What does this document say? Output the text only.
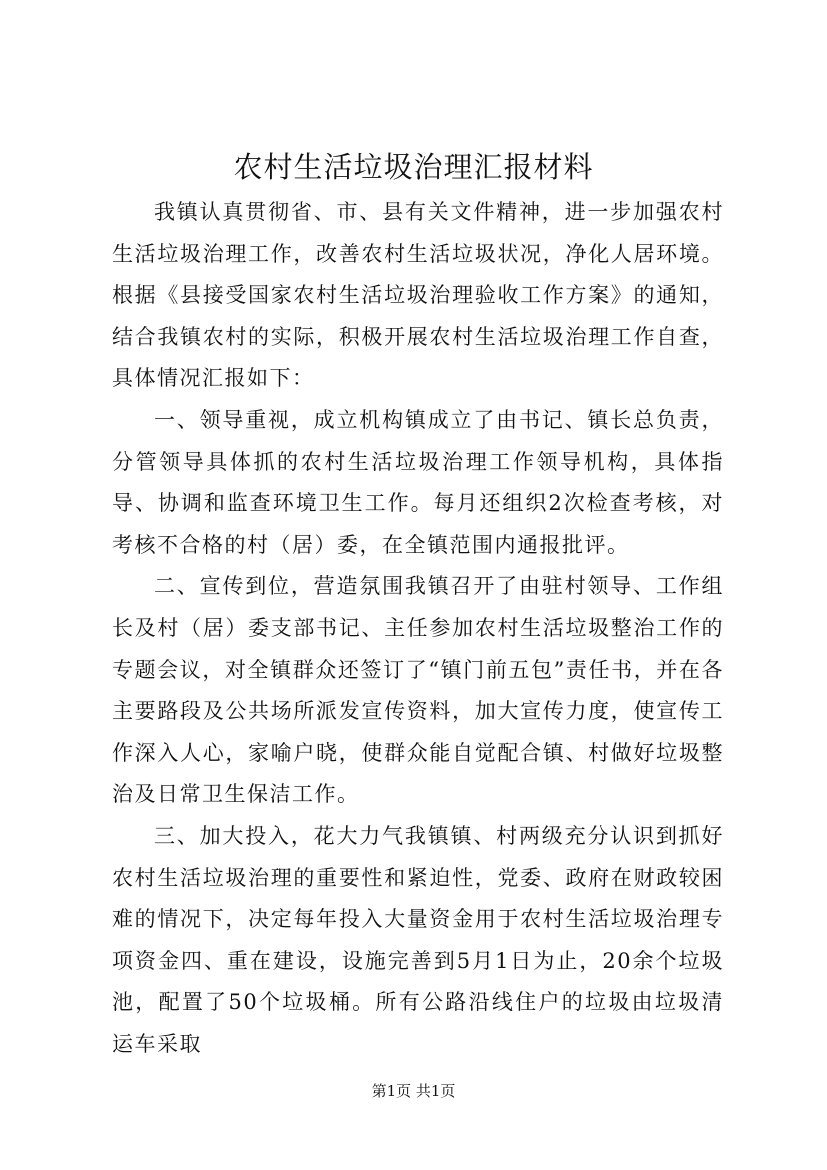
农村生活垃圾治理汇报材料

我镇认真贯彻省、市、县有关文件精神，进一步加强农村生活垃圾治理工作，改善农村生活垃圾状况，净化人居环境。根据《县接受国家农村生活垃圾治理验收工作方案》的通知，结合我镇农村的实际，积极开展农村生活垃圾治理工作自查，具体情况汇报如下：

一、领导重视，成立机构镇成立了由书记、镇长总负责，分管领导具体抓的农村生活垃圾治理工作领导机构，具体指导、协调和监查环境卫生工作。每月还组织2次检查考核，对考核不合格的村（居）委，在全镇范围内通报批评。

二、宣传到位，营造氛围我镇召开了由驻村领导、工作组长及村（居）委支部书记、主任参加农村生活垃圾整治工作的专题会议，对全镇群众还签订了“镇门前五包”责任书，并在各主要路段及公共场所派发宣传资料，加大宣传力度，使宣传工作深入人心，家喻户晓，使群众能自觉配合镇、村做好垃圾整治及日常卫生保洁工作。

三、加大投入，花大力气我镇镇、村两级充分认识到抓好农村生活垃圾治理的重要性和紧迫性，党委、政府在财政较困难的情况下，决定每年投入大量资金用于农村生活垃圾治理专项资金四、重在建设，设施完善到5月1日为止，20余个垃圾池，配置了50个垃圾桶。所有公路沿线住户的垃圾由垃圾清运车采取

第1页 共1页
